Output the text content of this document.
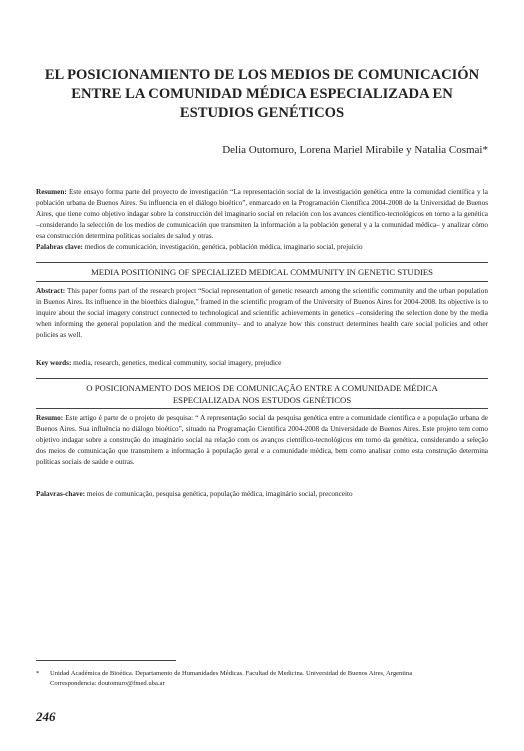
EL POSICIONAMIENTO DE LOS MEDIOS DE COMUNICACIÓN
ENTRE LA COMUNIDAD MÉDICA ESPECIALIZADA EN
ESTUDIOS GENÉTICOS
Delia Outomuro, Lorena Mariel Mirabile y Natalia Cosmai*
Resumen: Este ensayo forma parte del proyecto de investigación “La representación social de la investigación genética entre la comunidad científica y la población urbana de Buenos Aires. Su influencia en el diálogo bioético”, enmarcado en la Programación Científica 2004-2008 de la Universidad de Buenos Aires, que tiene como objetivo indagar sobre la construcción del imaginario social en relación con los avances científico-tecnológicos en torno a la genética –considerando la selección de los medios de comunicación que transmiten la información a la población general y a la comunidad médica– y analizar cómo esa construcción determina políticas sociales de salud y otras.
Palabras clave: medios de comunicación, investigación, genética, población médica, imaginario social, prejuicio
MEDIA POSITIONING OF SPECIALIZED MEDICAL COMMUNITY IN GENETIC STUDIES
Abstract: This paper forms part of the research project “Social representation of genetic research among the scientific community and the urban population in Buenos Aires. Its influence in the bioethics dialogue,” framed in the scientific program of the University of Buenos Aires for 2004-2008. Its objective is to inquire about the social imagery construct connected to technological and scientific achievements in genetics –considering the selection done by the media when informing the general population and the medical community– and to analyze how this construct determines health care social policies and other policies as well.
Key words: media, research, genetics, medical community, social imagery, prejudice
O POSICIONAMENTO DOS MEIOS DE COMUNICAÇÃO ENTRE A COMUNIDADE MÉDICA
ESPECIALIZADA NOS ESTUDOS GENÉTICOS
Resumo: Este artigo é parte de o projeto de pesquisa: “ A representação social da pesquisa genética entre a comunidade científica e a população urbana de Buenos Aires. Sua influência no diálogo bioético”, situado na Programação Científica 2004-2008 da Universidade de Buenos Aires. Este projeto tem como objetivo indagar sobre a construção do imaginário social na relação com os avanços científico-tecnológicos em torno da genética, considerando a seleção dos meios de comunicação que transmitem a informação à população geral e a comunidade médica, bem como analisar como esta construção determina políticas sociais de saúde e outras.
Palavras-chave: meios de comunicação, pesquisa genética, população médica, imaginário social, preconceito
* Unidad Académica de Bioética. Departamento de Humanidades Médicas. Facultad de Medicina. Universidad de Buenos Aires, Argentina
Correspondencia: doutomuro@fmed.uba.ar
246
